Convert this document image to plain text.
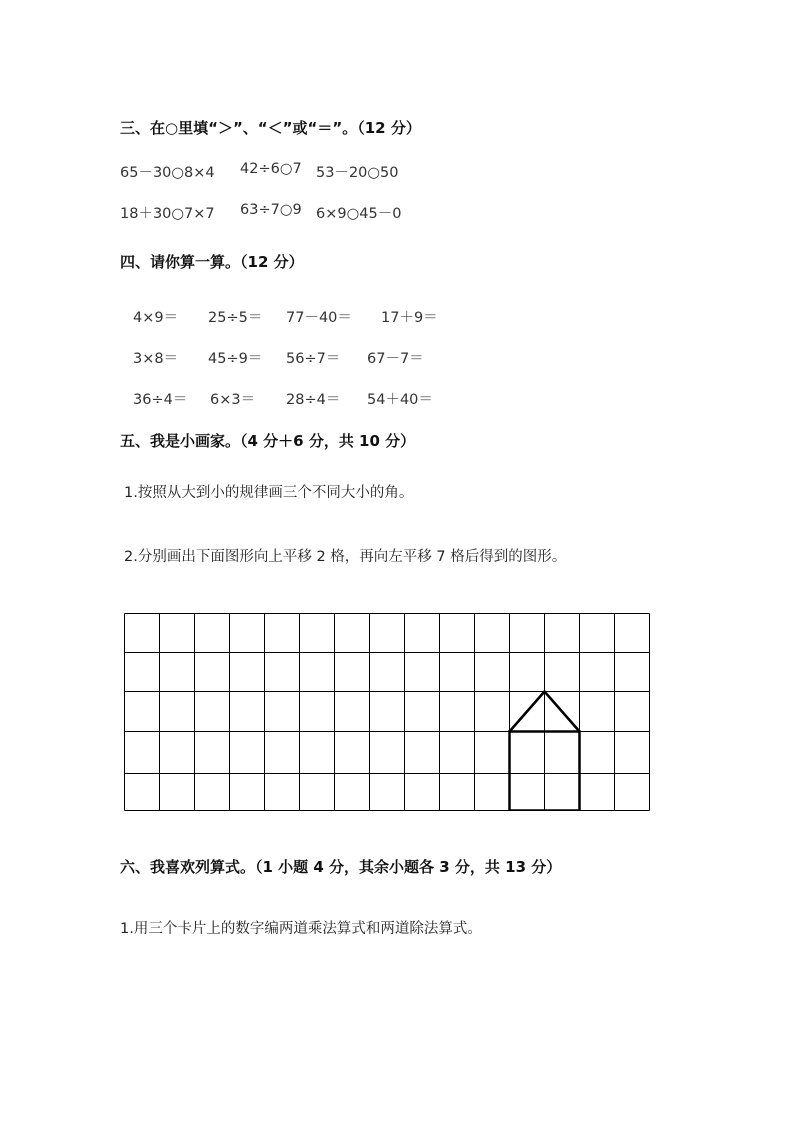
三、在○里填“＞”、“＜”或“＝”。（12 分）
65－30○8×4 42÷6○7 53－20○50
18＋30○7×7 63÷7○9 6×9○45－0
四、请你算一算。（12 分）
4×9＝ 25÷5＝ 77－40＝ 17＋9＝
3×8＝ 45÷9＝ 56÷7＝ 67－7＝
36÷4＝ 6×3＝ 28÷4＝ 54＋40＝
五、我是小画家。（4 分＋6 分，共 10 分）
1.按照从大到小的规律画三个不同大小的角。
2.分别画出下面图形向上平移 2 格，再向左平移 7 格后得到的图形。
六、我喜欢列算式。（1 小题 4 分，其余小题各 3 分，共 13 分）
1.用三个卡片上的数字编两道乘法算式和两道除法算式。
